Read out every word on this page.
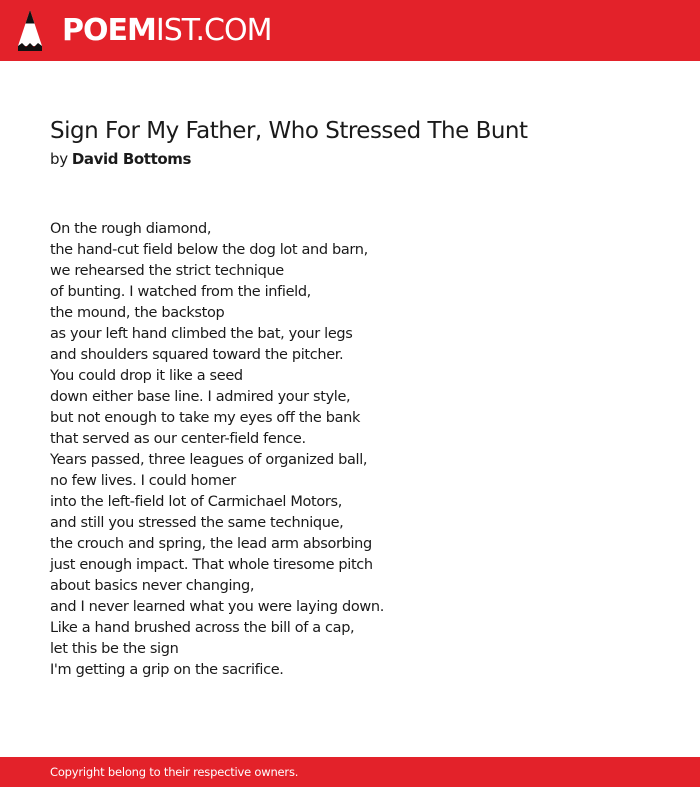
POEMIST.COM
Sign For My Father, Who Stressed The Bunt
by David Bottoms
On the rough diamond,
the hand-cut field below the dog lot and barn,
we rehearsed the strict technique
of bunting. I watched from the infield,
the mound, the backstop
as your left hand climbed the bat, your legs
and shoulders squared toward the pitcher.
You could drop it like a seed
down either base line. I admired your style,
but not enough to take my eyes off the bank
that served as our center-field fence.
Years passed, three leagues of organized ball,
no few lives. I could homer
into the left-field lot of Carmichael Motors,
and still you stressed the same technique,
the crouch and spring, the lead arm absorbing
just enough impact. That whole tiresome pitch
about basics never changing,
and I never learned what you were laying down.
Like a hand brushed across the bill of a cap,
let this be the sign
I'm getting a grip on the sacrifice.
Copyright belong to their respective owners.
